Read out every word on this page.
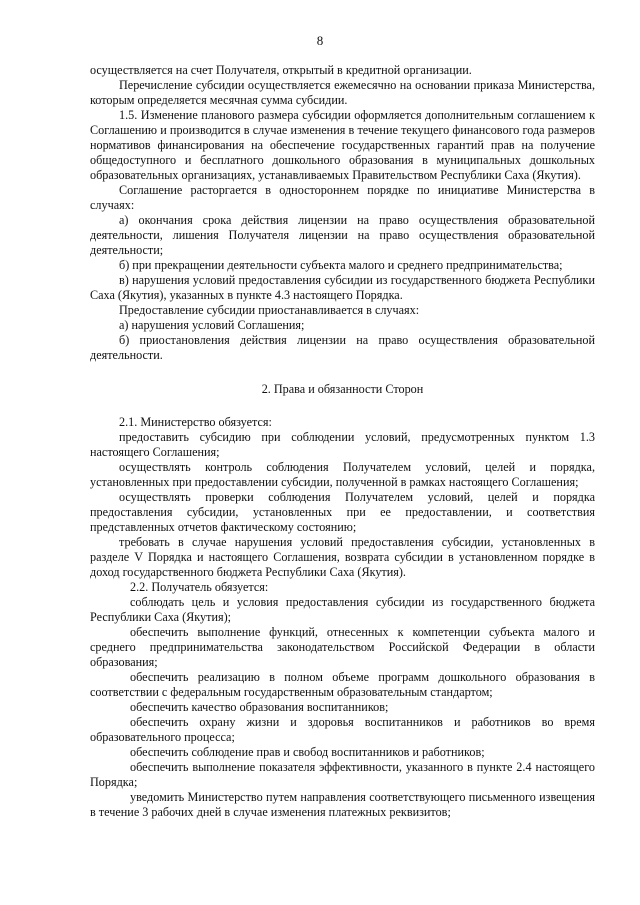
8

осуществляется на счет Получателя, открытый в кредитной организации.

Перечисление субсидии осуществляется ежемесячно на основании приказа Министерства, которым определяется месячная сумма субсидии.

1.5. Изменение планового размера субсидии оформляется дополнительным соглашением к Соглашению и производится в случае изменения в течение текущего финансового года размеров нормативов финансирования на обеспечение государственных гарантий прав на получение общедоступного и бесплатного дошкольного образования в муниципальных дошкольных образовательных организациях, устанавливаемых Правительством Республики Саха (Якутия).

Соглашение расторгается в одностороннем порядке по инициативе Министерства в случаях:

а) окончания срока действия лицензии на право осуществления образовательной деятельности, лишения Получателя лицензии на право осуществления образовательной деятельности;

б) при прекращении деятельности субъекта малого и среднего предпринимательства;

в) нарушения условий предоставления субсидии из государственного бюджета Республики Саха (Якутия), указанных в пункте 4.3 настоящего Порядка.

Предоставление субсидии приостанавливается в случаях:

а) нарушения условий Соглашения;

б) приостановления действия лицензии на право осуществления образовательной деятельности.

2. Права и обязанности Сторон

2.1. Министерство обязуется:

предоставить субсидию при соблюдении условий, предусмотренных пунктом 1.3 настоящего Соглашения;

осуществлять контроль соблюдения Получателем условий, целей и порядка, установленных при предоставлении субсидии, полученной в рамках настоящего Соглашения;

осуществлять проверки соблюдения Получателем условий, целей и порядка предоставления субсидии, установленных при ее предоставлении, и соответствия представленных отчетов фактическому состоянию;

требовать в случае нарушения условий предоставления субсидии, установленных в разделе V Порядка и настоящего Соглашения, возврата субсидии в установленном порядке в доход государственного бюджета Республики Саха (Якутия).

2.2. Получатель обязуется:

соблюдать цель и условия предоставления субсидии из государственного бюджета Республики Саха (Якутия);

обеспечить выполнение функций, отнесенных к компетенции субъекта малого и среднего предпринимательства законодательством Российской Федерации в области образования;

обеспечить реализацию в полном объеме программ дошкольного образования в соответствии с федеральным государственным образовательным стандартом;

обеспечить качество образования воспитанников;

обеспечить охрану жизни и здоровья воспитанников и работников во время образовательного процесса;

обеспечить соблюдение прав и свобод воспитанников и работников;

обеспечить выполнение показателя эффективности, указанного в пункте 2.4 настоящего Порядка;

уведомить Министерство путем направления соответствующего письменного извещения в течение 3 рабочих дней в случае изменения платежных реквизитов;
